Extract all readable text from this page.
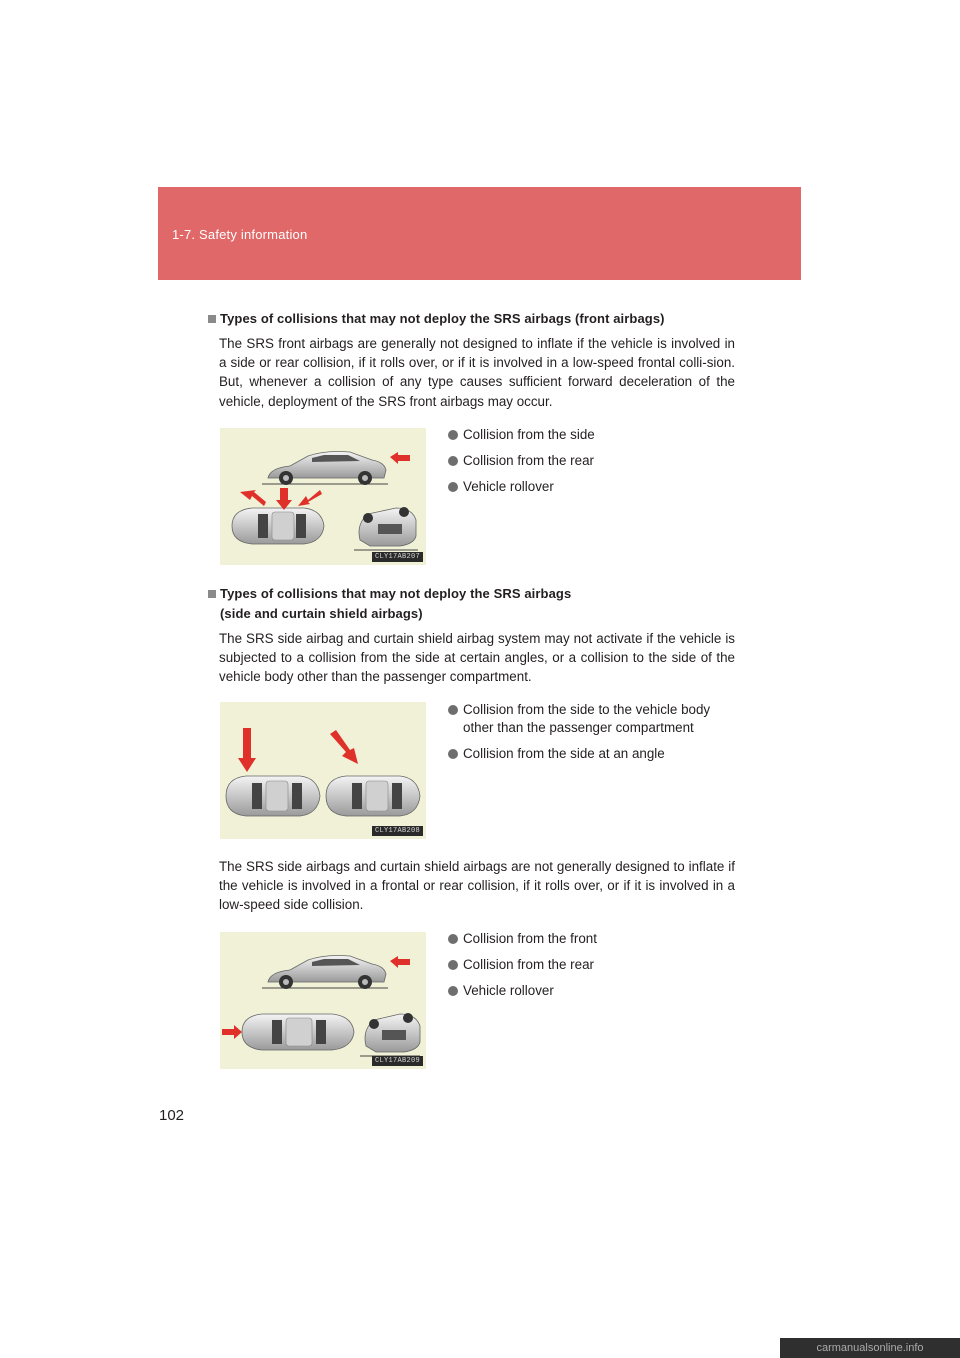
1-7. Safety information
Types of collisions that may not deploy the SRS airbags (front airbags)

The SRS front airbags are generally not designed to inflate if the vehicle is involved in a side or rear collision, if it rolls over, or if it is involved in a low-speed frontal colli-sion. But, whenever a collision of any type causes sufficient forward deceleration of the vehicle, deployment of the SRS front airbags may occur.

CLY17AB207
Collision from the side
Collision from the rear
Vehicle rollover
Types of collisions that may not deploy the SRS airbags
(side and curtain shield airbags)

The SRS side airbag and curtain shield airbag system may not activate if the vehicle is subjected to a collision from the side at certain angles, or a collision to the side of the vehicle body other than the passenger compartment.

CLY17AB208
Collision from the side to the vehicle body other than the passenger compartment
Collision from the side at an angle

The SRS side airbags and curtain shield airbags are not generally designed to inflate if the vehicle is involved in a frontal or rear collision, if it rolls over, or if it is involved in a low-speed side collision.

CLY17AB209
Collision from the front
Collision from the rear
Vehicle rollover
102
carmanualsonline.info
